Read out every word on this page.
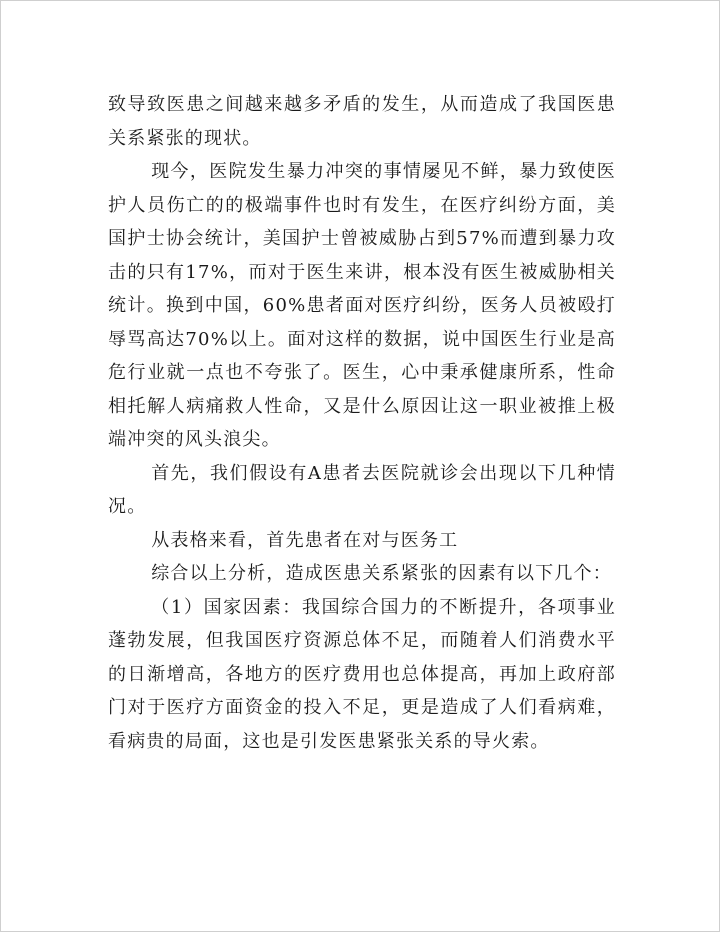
致导致医患之间越来越多矛盾的发生，从而造成了我国医患关系紧张的现状。

现今，医院发生暴力冲突的事情屡见不鲜，暴力致使医护人员伤亡的的极端事件也时有发生，在医疗纠纷方面，美国护士协会统计，美国护士曾被威胁占到57%而遭到暴力攻击的只有17%，而对于医生来讲，根本没有医生被威胁相关统计。换到中国，60%患者面对医疗纠纷，医务人员被殴打辱骂高达70%以上。面对这样的数据，说中国医生行业是高危行业就一点也不夸张了。医生，心中秉承健康所系，性命相托解人病痛救人性命，又是什么原因让这一职业被推上极端冲突的风头浪尖。

首先，我们假设有A患者去医院就诊会出现以下几种情况。

从表格来看，首先患者在对与医务工

综合以上分析，造成医患关系紧张的因素有以下几个：

（1）国家因素：我国综合国力的不断提升，各项事业蓬勃发展，但我国医疗资源总体不足，而随着人们消费水平的日渐增高，各地方的医疗费用也总体提高，再加上政府部门对于医疗方面资金的投入不足，更是造成了人们看病难，看病贵的局面，这也是引发医患紧张关系的导火索。
